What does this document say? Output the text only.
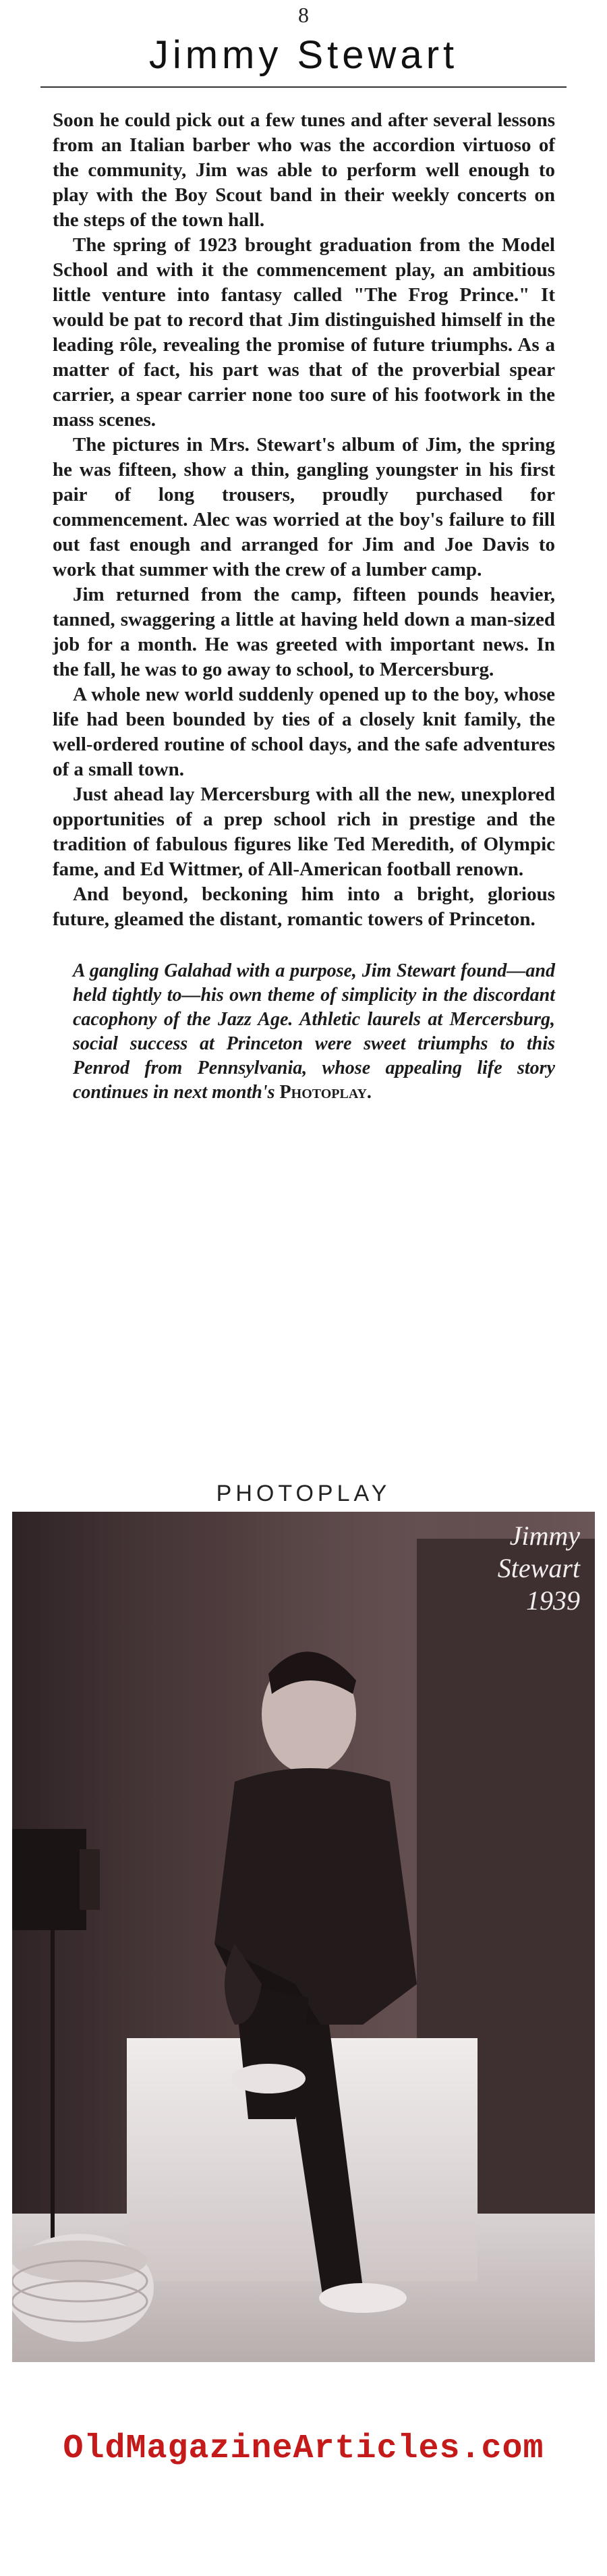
8
Jimmy Stewart

Soon he could pick out a few tunes and after several lessons from an Italian barber who was the accordion virtuoso of the community, Jim was able to perform well enough to play with the Boy Scout band in their weekly concerts on the steps of the town hall.

The spring of 1923 brought graduation from the Model School and with it the commencement play, an ambitious little venture into fantasy called "The Frog Prince." It would be pat to record that Jim distinguished himself in the leading rôle, revealing the promise of future triumphs. As a matter of fact, his part was that of the proverbial spear carrier, a spear carrier none too sure of his footwork in the mass scenes.

The pictures in Mrs. Stewart's album of Jim, the spring he was fifteen, show a thin, gangling youngster in his first pair of long trousers, proudly purchased for commencement. Alec was worried at the boy's failure to fill out fast enough and arranged for Jim and Joe Davis to work that summer with the crew of a lumber camp.

Jim returned from the camp, fifteen pounds heavier, tanned, swaggering a little at having held down a man-sized job for a month. He was greeted with important news. In the fall, he was to go away to school, to Mercersburg.

A whole new world suddenly opened up to the boy, whose life had been bounded by ties of a closely knit family, the well-ordered routine of school days, and the safe adventures of a small town.

Just ahead lay Mercersburg with all the new, unexplored opportunities of a prep school rich in prestige and the tradition of fabulous figures like Ted Meredith, of Olympic fame, and Ed Wittmer, of All-American football renown.

And beyond, beckoning him into a bright, glorious future, gleamed the distant, romantic towers of Princeton.

A gangling Galahad with a purpose, Jim Stewart found—and held tightly to—his own theme of simplicity in the discordant cacophony of the Jazz Age. Athletic laurels at Mercersburg, social success at Princeton were sweet triumphs to this Penrod from Pennsylvania, whose appealing life story continues in next month's Photoplay.
PHOTOPLAY
Jimmy
Stewart
1939
OldMagazineArticles.com
